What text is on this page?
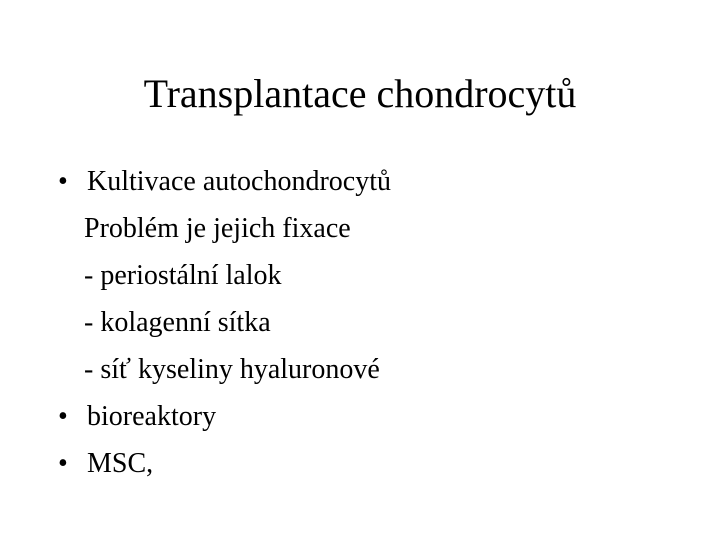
Transplantace chondrocytů
• Kultivace autochondrocytů
Problém je jejich fixace
- periostální lalok
- kolagenní sítka
- síť kyseliny hyaluronové
• bioreaktory
• MSC,
